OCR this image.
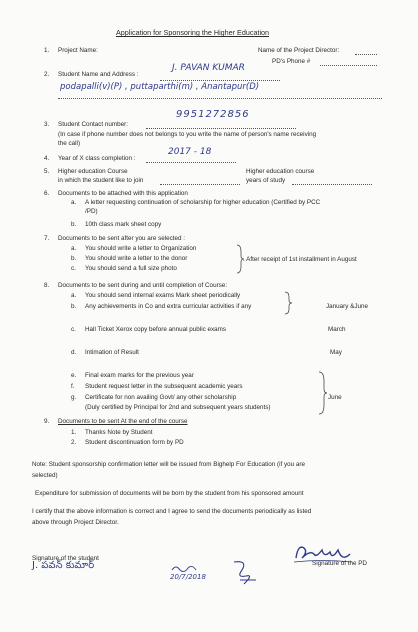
Application for Sponsoring the Higher Education
1. Project Name:	Name of the Project Director:
PD's Phone #
2. Student Name and Address :
J. PAVAN KUMAR
podapalli(v)(P) , puttaparthi(m) , Anantapur(D)
3. Student Contact number:
9951272856
(In case if phone number does not belongs to you write the name of person's name receiving
the call)
4. Year of X class completion :
2017 - 18
5. Higher education Course
in which the student like to join
Higher education course
years of study
6. Documents to be attached with this application
a. A letter requesting continuation of scholarship for higher education (Certified by PCC
/PD)
b. 10th class mark sheet copy
7. Documents to be sent after you are selected :
a. You should write a letter to Organization
b. You should write a letter to the donor
c. You should send a full size photo
. After receipt of 1st installment in August
8. Documents to be sent during and until completion of Course:
a. You should send internal exams Mark sheet periodically
b. Any achievements in Co and extra curricular activities if any	January &June
c. Hall Ticket Xerox copy before annual public exams	March
d. Intimation of Result	May
e. Final exam marks for the previous year
f. Student request letter in the subsequent academic years
g. Certificate for non availing Govt/ any other scholarship
(Duly certified by Principal for 2nd and subsequent years students)
June
9. Documents to be sent At the end of the course
1. Thanks Note by Student
2. Student discontinuation form by PD
Note: Student sponsorship confirmation letter will be issued from Bighelp For Education (if you are
selected)
Expenditure for submission of documents will be born by the student from his sponsored amount
I certify that the above information is correct and I agree to send the documents periodically as listed
above through Project Director.
Signature of the student
J. పవన్ కుమార్
20/7/2018
Signature of the PD
